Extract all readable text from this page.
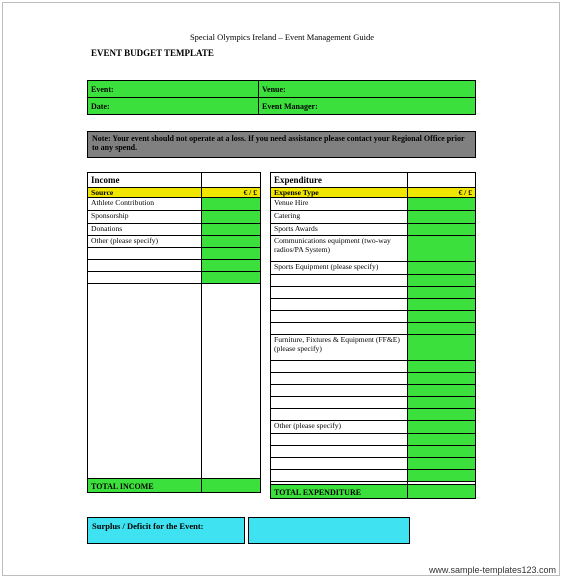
Special Olympics Ireland – Event Management Guide
EVENT BUDGET TEMPLATE
Event:	Venue:
Date:	Event Manager:
Note: Your event should not operate at a loss. If you need assistance please contact your Regional Office prior to any spend.
Income	
Source	€ / £
Athlete Contribution	
Sponsorship	
Donations	
Other (please specify)	

TOTAL INCOME	
Expenditure	
Expense Type	€ / £
Venue Hire	
Catering	
Sports Awards	
Communications equipment (two-way radios/PA System)	
Sports Equipment (please specify)	

Furniture, Fixtures & Equipment (FF&E) (please specify)	

Other (please specify)	

TOTAL EXPENDITURE	
Surplus / Deficit for the Event:
www.sample-templates123.com
